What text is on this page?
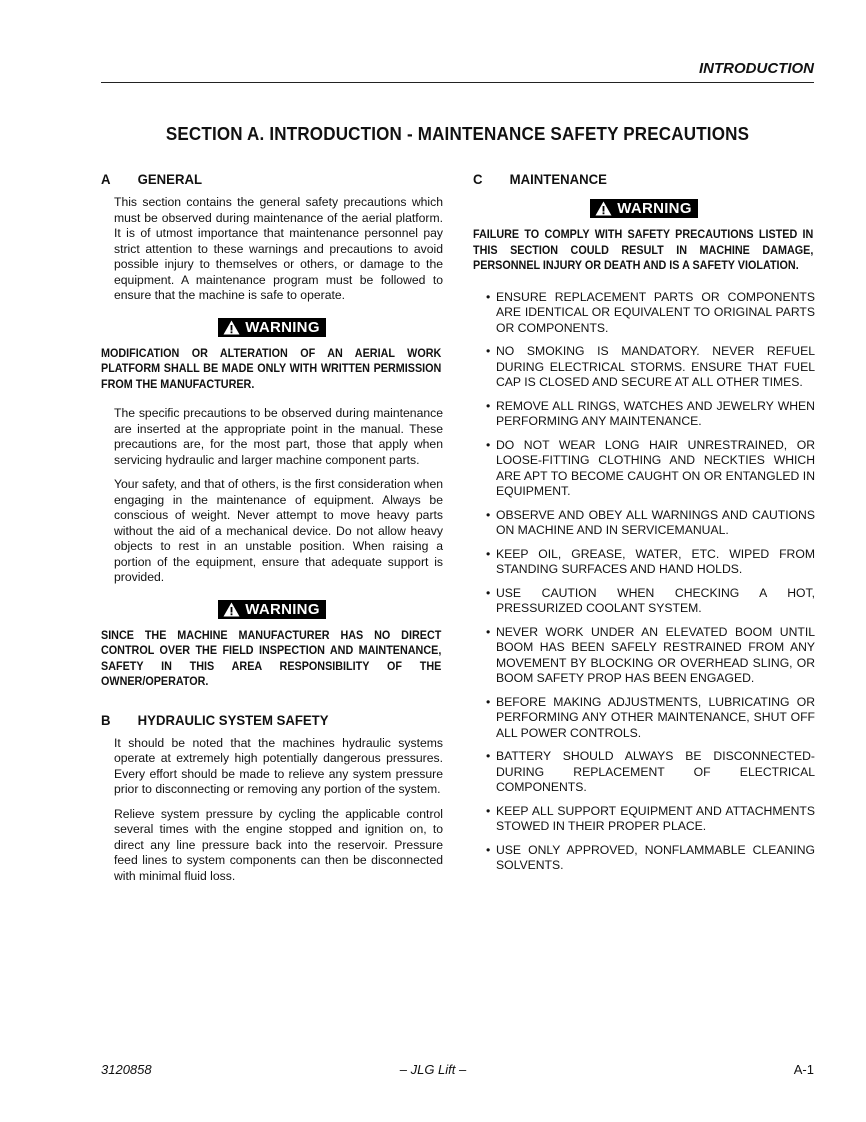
INTRODUCTION
SECTION A. INTRODUCTION - MAINTENANCE SAFETY PRECAUTIONS
A	GENERAL

This section contains the general safety precautions which must be observed during maintenance of the aerial platform. It is of utmost importance that maintenance personnel pay strict attention to these warnings and precautions to avoid possible injury to themselves or others, or damage to the equipment. A maintenance program must be followed to ensure that the machine is safe to operate.

WARNING

MODIFICATION OR ALTERATION OF AN AERIAL WORK PLATFORM SHALL BE MADE ONLY WITH WRITTEN PERMISSION FROM THE MANUFACTURER.

The specific precautions to be observed during maintenance are inserted at the appropriate point in the manual. These precautions are, for the most part, those that apply when servicing hydraulic and larger machine component parts.

Your safety, and that of others, is the first consideration when engaging in the maintenance of equipment. Always be conscious of weight. Never attempt to move heavy parts without the aid of a mechanical device. Do not allow heavy objects to rest in an unstable position. When raising a portion of the equipment, ensure that adequate support is provided.

WARNING

SINCE THE MACHINE MANUFACTURER HAS NO DIRECT CONTROL OVER THE FIELD INSPECTION AND MAINTENANCE, SAFETY IN THIS AREA RESPONSIBILITY OF THE OWNER/OPERATOR.

B	HYDRAULIC SYSTEM SAFETY

It should be noted that the machines hydraulic systems operate at extremely high potentially dangerous pressures. Every effort should be made to relieve any system pressure prior to disconnecting or removing any portion of the system.

Relieve system pressure by cycling the applicable control several times with the engine stopped and ignition on, to direct any line pressure back into the reservoir. Pressure feed lines to system components can then be disconnected with minimal fluid loss.

C	MAINTENANCE
WARNING

FAILURE TO COMPLY WITH SAFETY PRECAUTIONS LISTED IN THIS SECTION COULD RESULT IN MACHINE DAMAGE, PERSONNEL INJURY OR DEATH AND IS A SAFETY VIOLATION.

• ENSURE REPLACEMENT PARTS OR COMPONENTS ARE IDENTICAL OR EQUIVALENT TO ORIGINAL PARTS OR COMPONENTS.
• NO SMOKING IS MANDATORY. NEVER REFUEL DURING ELECTRICAL STORMS. ENSURE THAT FUEL CAP IS CLOSED AND SECURE AT ALL OTHER TIMES.
• REMOVE ALL RINGS, WATCHES AND JEWELRY WHEN PERFORMING ANY MAINTENANCE.
• DO NOT WEAR LONG HAIR UNRESTRAINED, OR LOOSE-FITTING CLOTHING AND NECKTIES WHICH ARE APT TO BECOME CAUGHT ON OR ENTANGLED IN EQUIPMENT.
• OBSERVE AND OBEY ALL WARNINGS AND CAUTIONS ON MACHINE AND IN SERVICEMANUAL.
• KEEP OIL, GREASE, WATER, ETC. WIPED FROM STANDING SURFACES AND HAND HOLDS.
• USE CAUTION WHEN CHECKING A HOT, PRESSURIZED COOLANT SYSTEM.
• NEVER WORK UNDER AN ELEVATED BOOM UNTIL BOOM HAS BEEN SAFELY RESTRAINED FROM ANY MOVEMENT BY BLOCKING OR OVERHEAD SLING, OR BOOM SAFETY PROP HAS BEEN ENGAGED.
• BEFORE MAKING ADJUSTMENTS, LUBRICATING OR PERFORMING ANY OTHER MAINTENANCE, SHUT OFF ALL POWER CONTROLS.
• BATTERY SHOULD ALWAYS BE DISCONNECTED-DURING REPLACEMENT OF ELECTRICAL COMPONENTS.
• KEEP ALL SUPPORT EQUIPMENT AND ATTACHMENTS STOWED IN THEIR PROPER PLACE.
• USE ONLY APPROVED, NONFLAMMABLE CLEANING SOLVENTS.
3120858	– JLG Lift –	A-1
